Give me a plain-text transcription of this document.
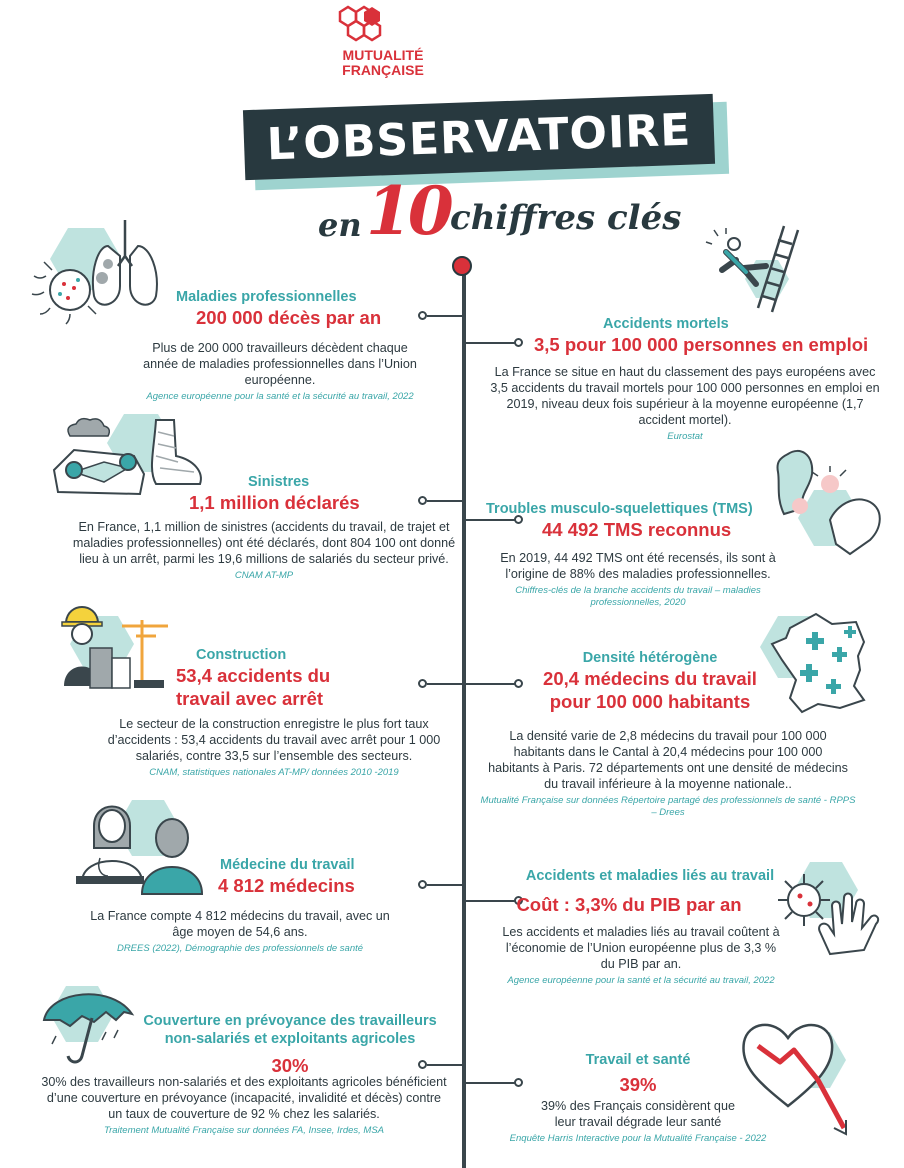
MUTUALITÉ
FRANÇAISE
L’OBSERVATOIRE
en 10 chiffres clés
Maladies professionnelles
200 000 décès par an
Plus de 200 000 travailleurs décèdent chaque année de maladies professionnelles dans l’Union européenne.
Agence européenne pour la santé et la sécurité au travail, 2022
Accidents mortels
3,5 pour 100 000 personnes en emploi
La France se situe en haut du classement des pays européens avec 3,5 accidents du travail mortels pour 100 000 personnes en emploi en 2019, niveau deux fois supérieur à la moyenne européenne (1,7 accident mortel).
Eurostat
Sinistres
1,1 million déclarés
En France, 1,1 million de sinistres (accidents du travail, de trajet et maladies professionnelles) ont été déclarés, dont 804 100 ont donné lieu à un arrêt, parmi les 19,6 millions de salariés du secteur privé.
CNAM AT-MP
Troubles musculo-squelettiques (TMS)
44 492 TMS reconnus
En 2019, 44 492 TMS ont été recensés, ils sont à l’origine de 88% des maladies professionnelles.
Chiffres-clés de la branche accidents du travail – maladies professionnelles, 2020
Construction
53,4 accidents du
travail avec arrêt
Le secteur de la construction enregistre le plus fort taux d’accidents : 53,4 accidents du travail avec arrêt pour 1 000 salariés, contre 33,5 sur l’ensemble des secteurs.
CNAM, statistiques nationales AT-MP/ données 2010 -2019
Densité hétérogène
20,4 médecins du travail
pour 100 000 habitants
La densité varie de 2,8 médecins du travail pour 100 000 habitants dans le Cantal à 20,4 médecins pour 100 000 habitants à Paris. 72 départements ont une densité de médecins du travail inférieure à la moyenne nationale..
Mutualité Française sur données Répertoire partagé des professionnels de santé - RPPS – Drees
Médecine du travail
4 812 médecins
La France compte 4 812 médecins du travail, avec un âge moyen de 54,6 ans.
DREES (2022), Démographie des professionnels de santé
Accidents et maladies liés au travail
Coût : 3,3% du PIB par an
Les accidents et maladies liés au travail coûtent à l’économie de l’Union européenne plus de 3,3 % du PIB par an.
Agence européenne pour la santé et la sécurité au travail, 2022
Couverture en prévoyance des travailleurs non-salariés et exploitants agricoles
30%
30% des travailleurs non-salariés et des exploitants agricoles bénéficient d’une couverture en prévoyance (incapacité, invalidité et décès) contre un taux de couverture de 92 % chez les salariés.
Traitement Mutualité Française sur données FA, Insee, Irdes, MSA
Travail et santé
39%
39% des Français considèrent que leur travail dégrade leur santé
Enquête Harris Interactive pour la Mutualité Française - 2022
